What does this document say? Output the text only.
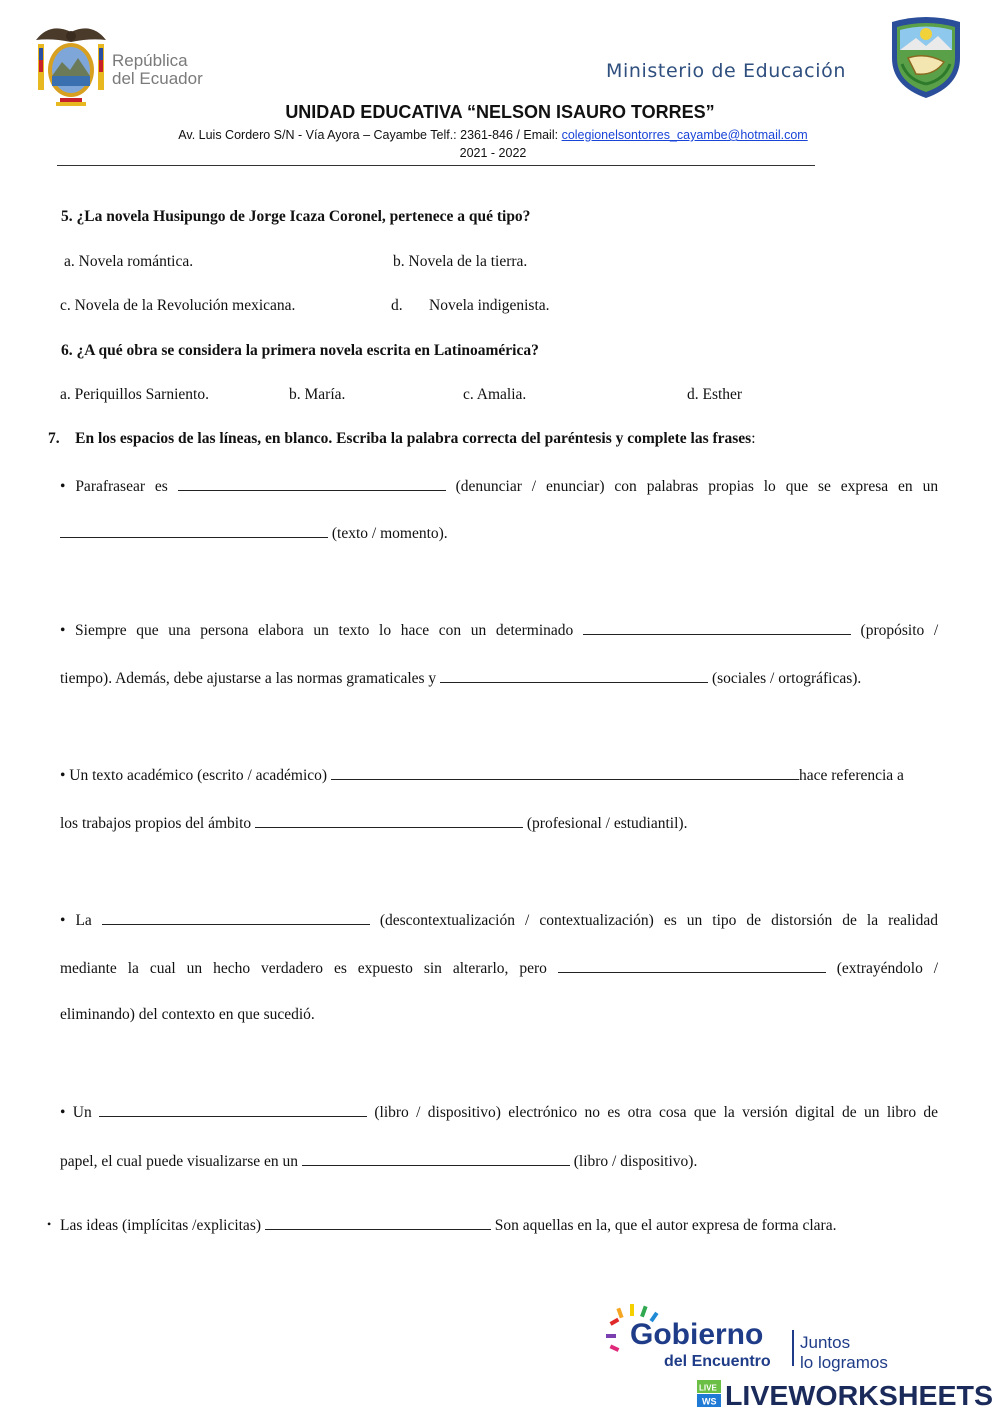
República
del Ecuador	Ministerio de Educación
UNIDAD EDUCATIVA “NELSON ISAURO TORRES”
Av. Luis Cordero S/N - Vía Ayora – Cayambe Telf.: 2361-846 / Email: colegionelsontorres_cayambe@hotmail.com
2021 - 2022
5. ¿La novela Husipungo de Jorge Icaza Coronel, pertenece a qué tipo?
a. Novela romántica.	b. Novela de la tierra.
c. Novela de la Revolución mexicana.	d. Novela indigenista.
6. ¿A qué obra se considera la primera novela escrita en Latinoamérica?
a. Periquillos Sarniento.	b. María.	c. Amalia.	d. Esther
7. En los espacios de las líneas, en blanco. Escriba la palabra correcta del paréntesis y complete las frases:
• Parafrasear es	(denunciar / enunciar) con palabras propias lo que se expresa en un
(texto / momento).
• Siempre que una persona elabora un texto lo hace con un determinado	(propósito /
tiempo). Además, debe ajustarse a las normas gramaticales y	(sociales / ortográficas).
• Un texto académico (escrito / académico)	hace referencia a
los trabajos propios del ámbito	(profesional / estudiantil).
• La	(descontextualización / contextualización) es un tipo de distorsión de la realidad
mediante la cual un hecho verdadero es expuesto sin alterarlo, pero	(extrayéndolo /
eliminando) del contexto en que sucedió.
• Un	(libro / dispositivo) electrónico no es otra cosa que la versión digital de un libro de
papel, el cual puede visualizarse en un	(libro / dispositivo).
• Las ideas (implícitas /explicitas)	Son aquellas en la, que el autor expresa de forma clara.
Gobierno
del Encuentro
Juntos
lo logramos
LIVE
WS LIVEWORKSHEETS
